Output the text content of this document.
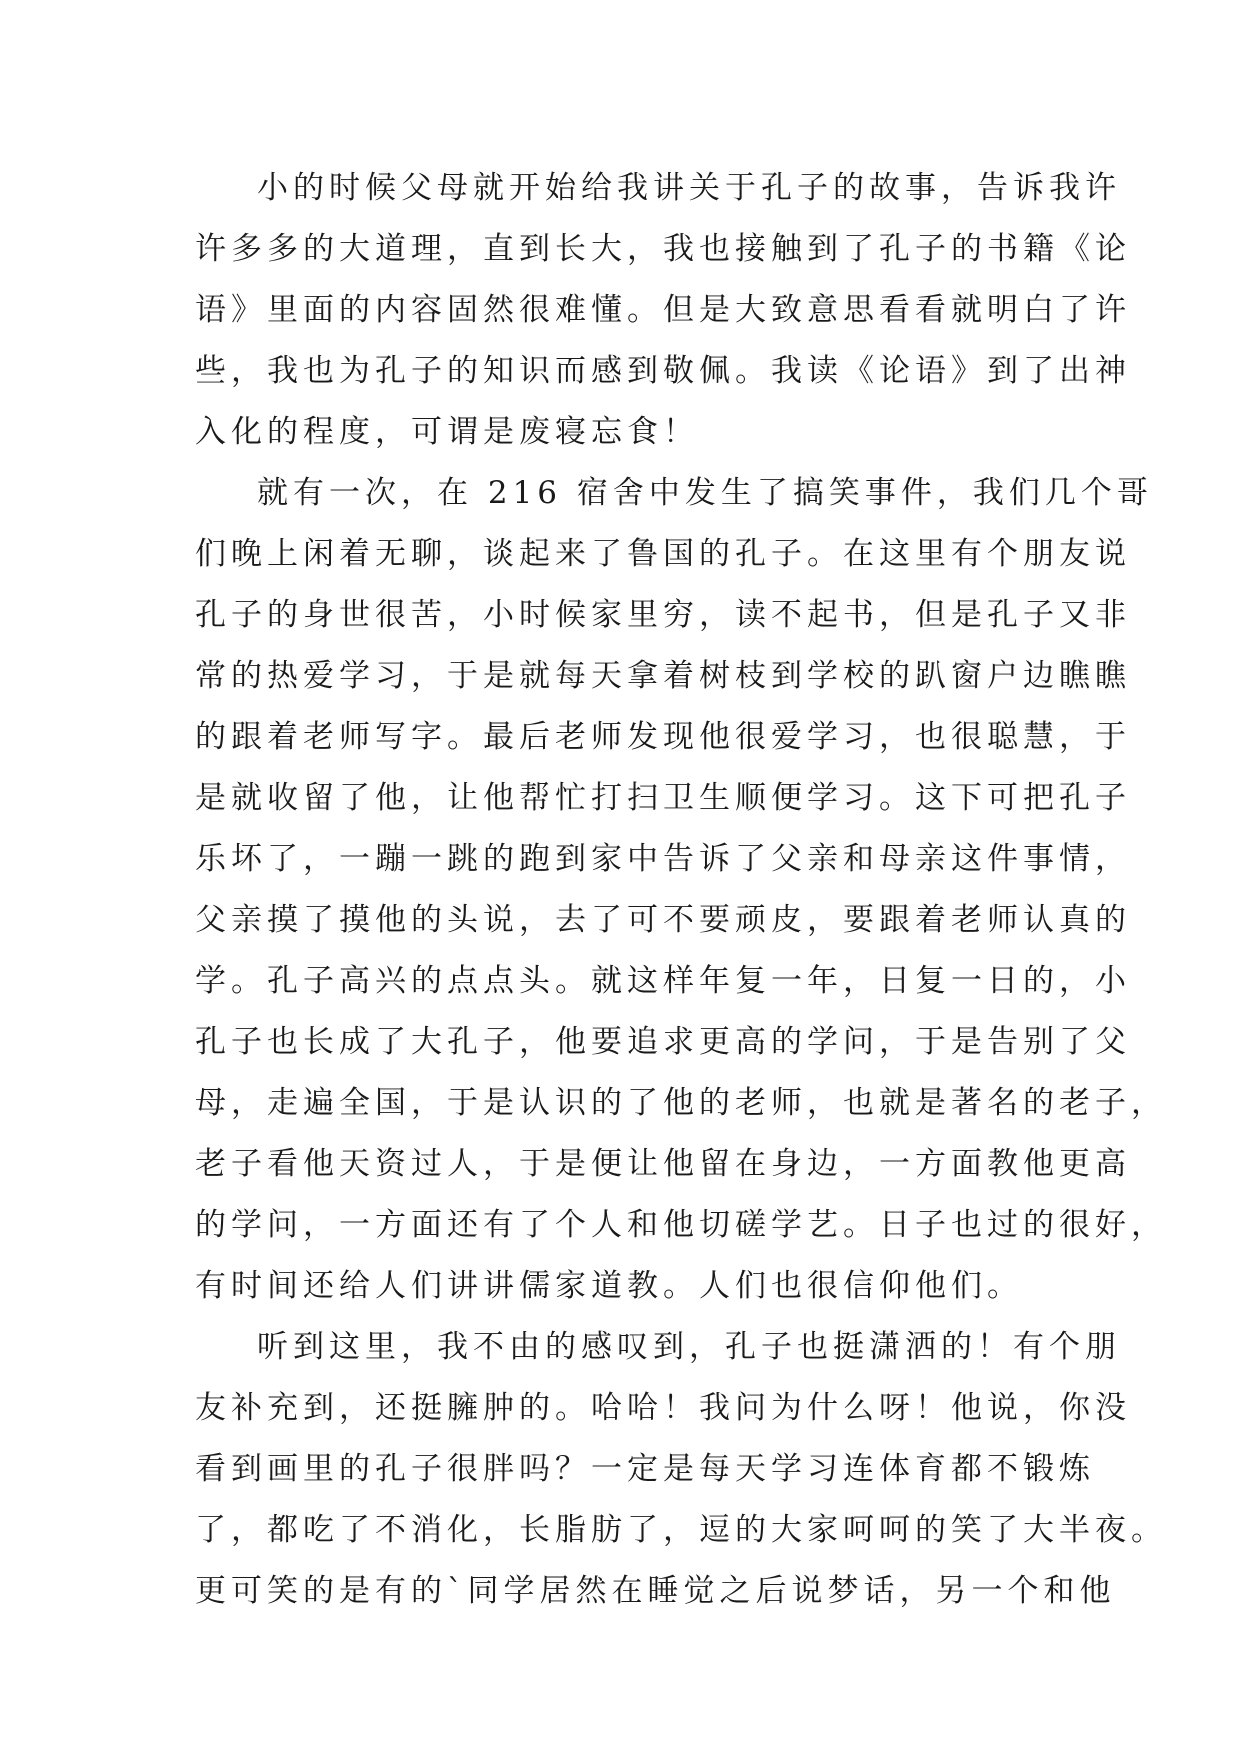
小的时候父母就开始给我讲关于孔子的故事，告诉我许
许多多的大道理，直到长大，我也接触到了孔子的书籍《论
语》里面的内容固然很难懂。但是大致意思看看就明白了许
些，我也为孔子的知识而感到敬佩。我读《论语》到了出神
入化的程度，可谓是废寝忘食！
就有一次，在 216 宿舍中发生了搞笑事件，我们几个哥
们晚上闲着无聊，谈起来了鲁国的孔子。在这里有个朋友说
孔子的身世很苦，小时候家里穷，读不起书，但是孔子又非
常的热爱学习，于是就每天拿着树枝到学校的趴窗户边瞧瞧
的跟着老师写字。最后老师发现他很爱学习，也很聪慧，于
是就收留了他，让他帮忙打扫卫生顺便学习。这下可把孔子
乐坏了，一蹦一跳的跑到家中告诉了父亲和母亲这件事情，
父亲摸了摸他的头说，去了可不要顽皮，要跟着老师认真的
学。孔子高兴的点点头。就这样年复一年，日复一日的，小
孔子也长成了大孔子，他要追求更高的学问，于是告别了父
母，走遍全国，于是认识的了他的老师，也就是著名的老子，
老子看他天资过人，于是便让他留在身边，一方面教他更高
的学问，一方面还有了个人和他切磋学艺。日子也过的很好，
有时间还给人们讲讲儒家道教。人们也很信仰他们。
听到这里，我不由的感叹到，孔子也挺潇洒的！有个朋
友补充到，还挺臃肿的。哈哈！我问为什么呀！他说，你没
看到画里的孔子很胖吗？一定是每天学习连体育都不锻炼
了，都吃了不消化，长脂肪了，逗的大家呵呵的笑了大半夜。
更可笑的是有的`同学居然在睡觉之后说梦话，另一个和他
